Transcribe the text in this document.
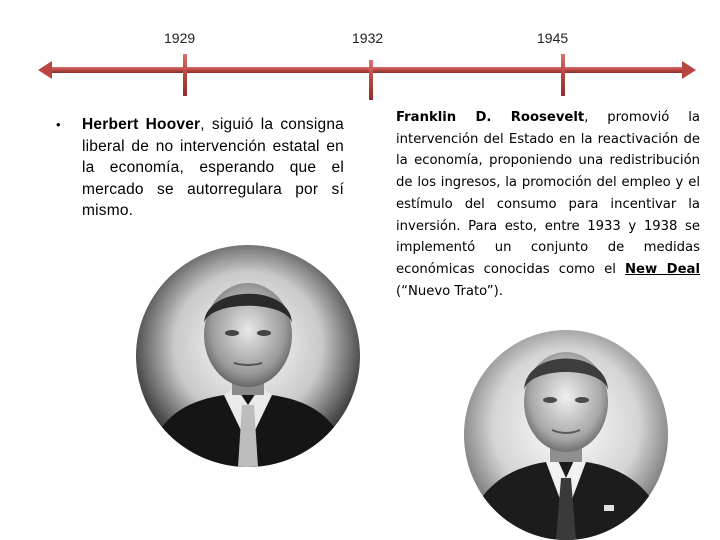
1929	1932	1945
• Herbert Hoover, siguió la consigna liberal de no intervención estatal en la economía, esperando que el mercado se autorregulara por sí mismo.
Franklin D. Roosevelt, promovió la intervención del Estado en la reactivación de la economía, proponiendo una redistribución de los ingresos, la promoción del empleo y el estímulo del consumo para incentivar la inversión. Para esto, entre 1933 y 1938 se implementó un conjunto de medidas económicas conocidas como el New Deal (“Nuevo Trato”).
